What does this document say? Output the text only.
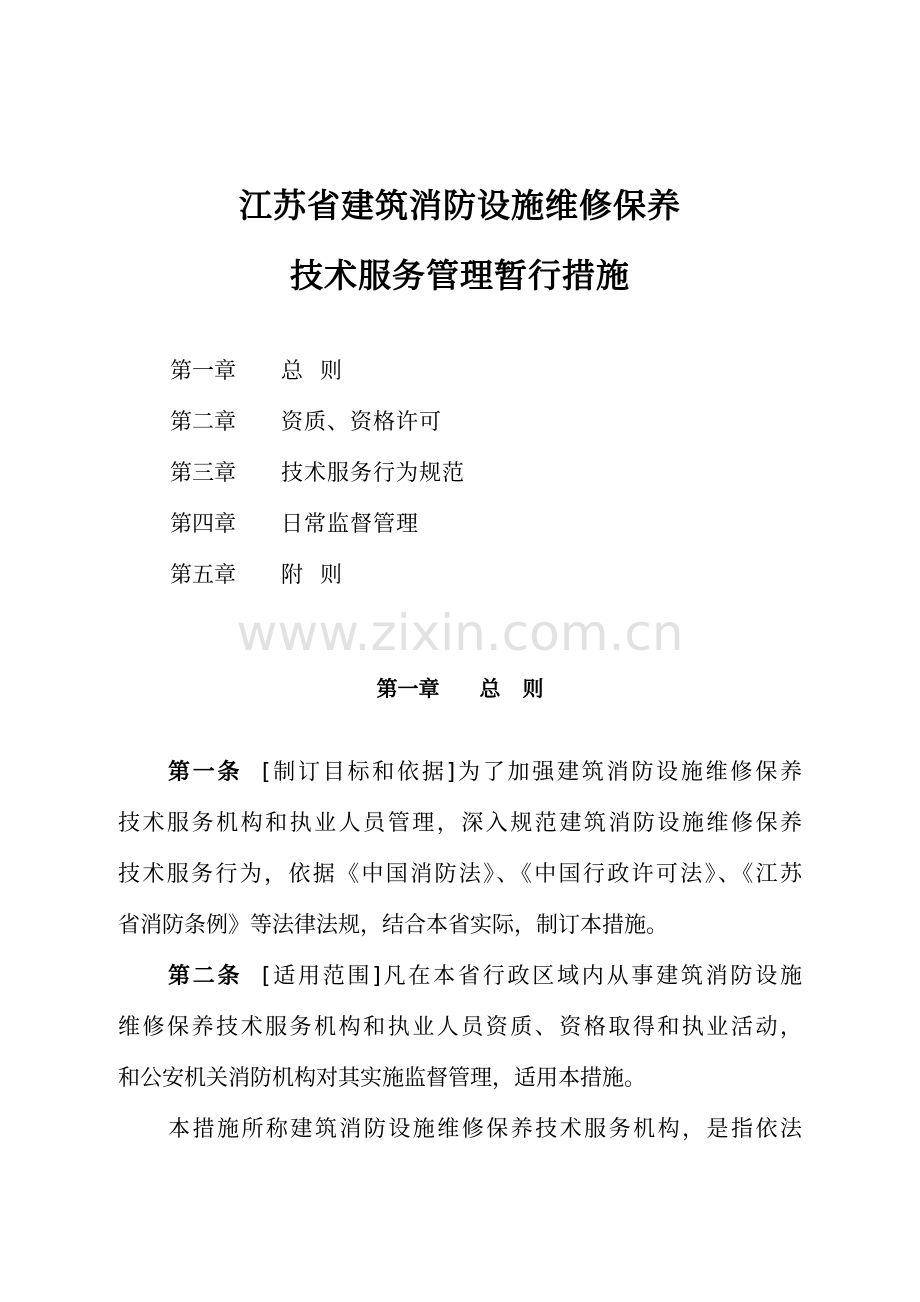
江苏省建筑消防设施维修保养
技术服务管理暂行措施
第一章 总  则
第二章 资质、资格许可
第三章 技术服务行为规范
第四章 日常监督管理
第五章 附  则
www.zixin.com.cn
第一章 总 则
第一条 [制订目标和依据]为了加强建筑消防设施维修保养
技术服务机构和执业人员管理，深入规范建筑消防设施维修保养
技术服务行为，依据《中国消防法》、《中国行政许可法》、《江苏
省消防条例》等法律法规，结合本省实际，制订本措施。
第二条 [适用范围]凡在本省行政区域内从事建筑消防设施
维修保养技术服务机构和执业人员资质、资格取得和执业活动，
和公安机关消防机构对其实施监督管理，适用本措施。
本措施所称建筑消防设施维修保养技术服务机构，是指依法
